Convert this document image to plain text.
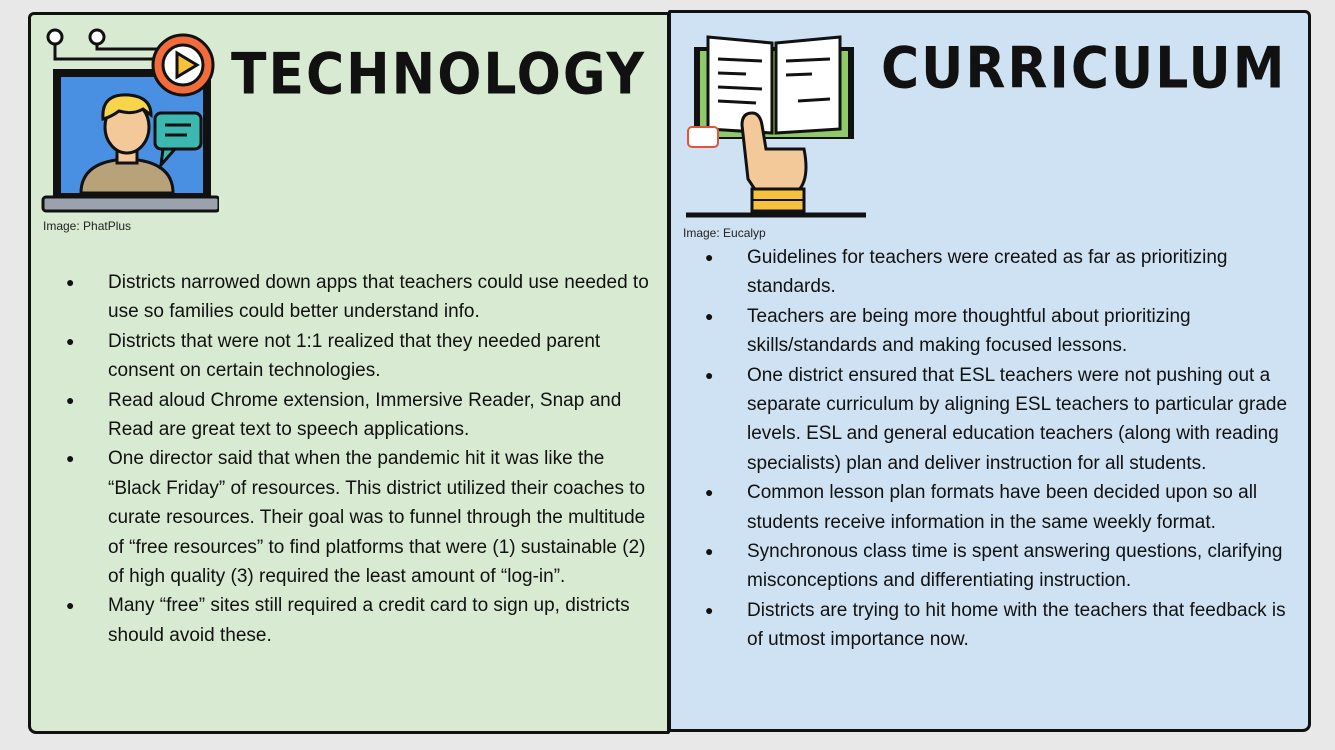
TECHNOLOGY
Image: PhatPlus
● Districts narrowed down apps that teachers could use needed to use so families could better understand info.
● Districts that were not 1:1 realized that they needed parent consent on certain technologies.
● Read aloud Chrome extension, Immersive Reader, Snap and Read are great text to speech applications.
● One director said that when the pandemic hit it was like the “Black Friday” of resources. This district utilized their coaches to curate resources. Their goal was to funnel through the multitude of “free resources” to find platforms that were (1) sustainable (2) of high quality (3) required the least amount of “log-in”.
● Many “free” sites still required a credit card to sign up, districts should avoid these.
CURRICULUM
Image: Eucalyp
● Guidelines for teachers were created as far as prioritizing standards.
● Teachers are being more thoughtful about prioritizing skills/standards and making focused lessons.
● One district ensured that ESL teachers were not pushing out a separate curriculum by aligning ESL teachers to particular grade levels. ESL and general education teachers (along with reading specialists) plan and deliver instruction for all students.
● Common lesson plan formats have been decided upon so all students receive information in the same weekly format.
● Synchronous class time is spent answering questions, clarifying misconceptions and differentiating instruction.
● Districts are trying to hit home with the teachers that feedback is of utmost importance now.
